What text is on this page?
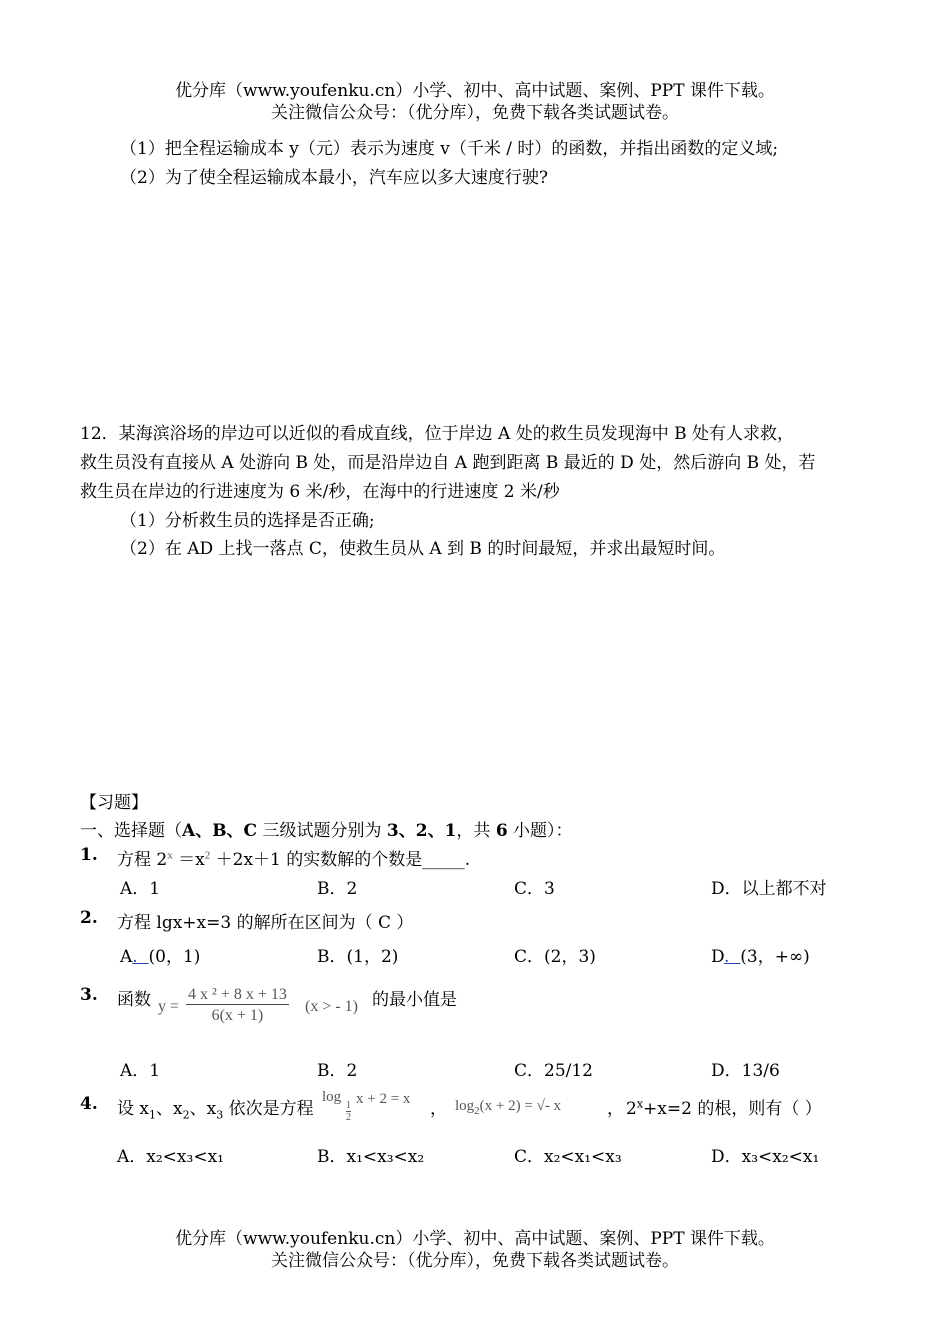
优分库（www.youfenku.cn）小学、初中、高中试题、案例、PPT 课件下载。
关注微信公众号：（优分库），免费下载各类试题试卷。
（1）把全程运输成本 y（元）表示为速度 v（千米 / 时）的函数，并指出函数的定义域;
（2）为了使全程运输成本最小，汽车应以多大速度行驶?
12．某海滨浴场的岸边可以近似的看成直线，位于岸边 A 处的救生员发现海中 B 处有人求救，
救生员没有直接从 A 处游向 B 处，而是沿岸边自 A 跑到距离 B 最近的 D 处，然后游向 B 处，若
救生员在岸边的行进速度为 6 米/秒，在海中的行进速度 2 米/秒
（1）分析救生员的选择是否正确;
（2）在 AD 上找一落点 C，使救生员从 A 到 B 的时间最短，并求出最短时间。
【习题】
一、选择题（A、B、C 三级试题分别为 3、2、1，共 6 小题）：
1. 方程 $2^x =x^2 +2x+1$ 的实数解的个数是_____.
A．1	B．2	C．3	D．以上都不对
2. 方程 lgx+x=3 的解所在区间为（ C ）
A. (0，1)	B．(1，2)	C．(2，3)	D. (3，+∞)
3. 函数 $y = \frac{\text{4 x ² + 8 x + 13}}{6(x + 1)} (x$ > - 1) 的最小值是
A．1	B．2	C．25/12	D．13/6
4. 设 $x_1$、$x_2$、$x_3$ 依次是方程
log
$\frac{1}{2}$
x + 2 = x ， $\log_2(x + 2)$ = √- x	， $2^x+x=2$ 的根，则有（ ）
A．x₂<x₃<x₁	B．x₁<x₃<x₂	C．x₂<x₁<x₃	D．x₃<x₂<x₁
优分库（www.youfenku.cn）小学、初中、高中试题、案例、PPT 课件下载。
关注微信公众号：（优分库），免费下载各类试题试卷。
